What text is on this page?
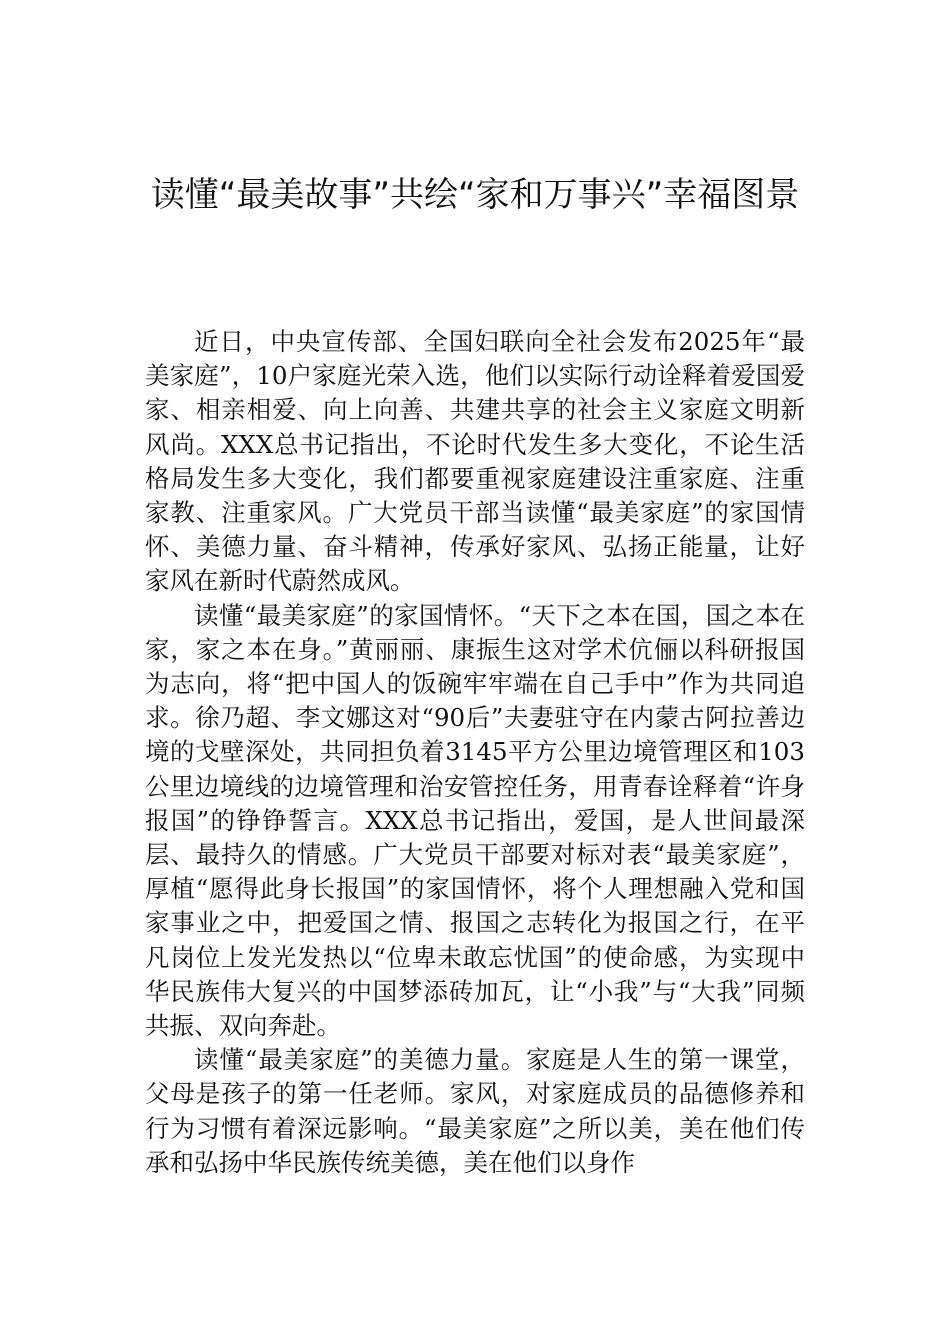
读懂“最美故事”共绘“家和万事兴”幸福图景

近日，中央宣传部、全国妇联向全社会发布2025年“最美家庭”，10户家庭光荣入选，他们以实际行动诠释着爱国爱家、相亲相爱、向上向善、共建共享的社会主义家庭文明新风尚。XXX总书记指出，不论时代发生多大变化，不论生活格局发生多大变化，我们都要重视家庭建设注重家庭、注重家教、注重家风。广大党员干部当读懂“最美家庭”的家国情怀、美德力量、奋斗精神，传承好家风、弘扬正能量，让好家风在新时代蔚然成风。

读懂“最美家庭”的家国情怀。“天下之本在国，国之本在家，家之本在身。”黄丽丽、康振生这对学术伉俪以科研报国为志向，将“把中国人的饭碗牢牢端在自己手中”作为共同追求。徐乃超、李文娜这对“90后”夫妻驻守在内蒙古阿拉善边境的戈壁深处，共同担负着3145平方公里边境管理区和103公里边境线的边境管理和治安管控任务，用青春诠释着“许身报国”的铮铮誓言。XXX总书记指出，爱国，是人世间最深层、最持久的情感。广大党员干部要对标对表“最美家庭”，厚植“愿得此身长报国”的家国情怀，将个人理想融入党和国家事业之中，把爱国之情、报国之志转化为报国之行，在平凡岗位上发光发热以“位卑未敢忘忧国”的使命感，为实现中华民族伟大复兴的中国梦添砖加瓦，让“小我”与“大我”同频共振、双向奔赴。

读懂“最美家庭”的美德力量。家庭是人生的第一课堂，父母是孩子的第一任老师。家风，对家庭成员的品德修养和行为习惯有着深远影响。“最美家庭”之所以美，美在他们传承和弘扬中华民族传统美德，美在他们以身作
